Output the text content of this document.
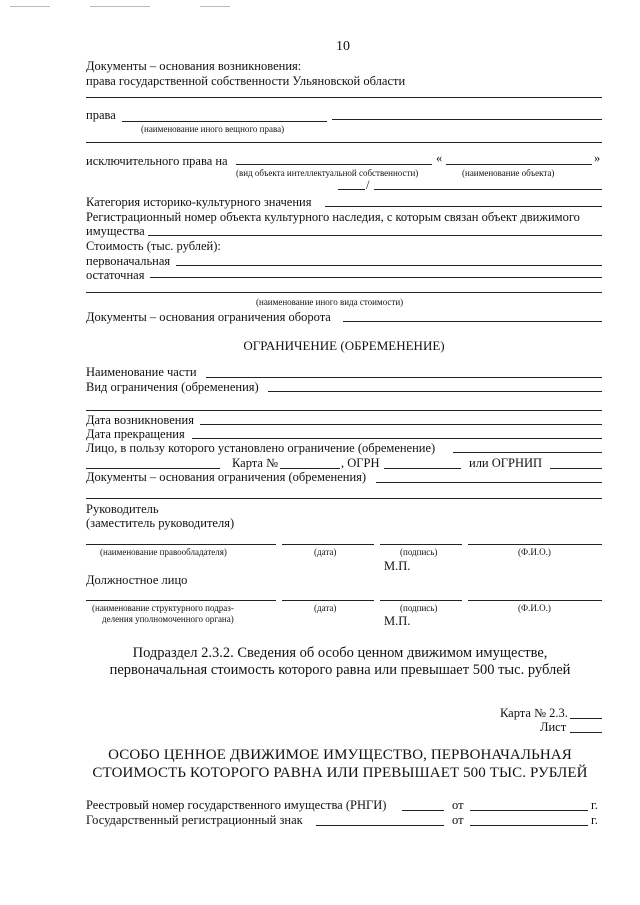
10
Документы – основания возникновения:
права государственной собственности Ульяновской области
права
(наименование иного вещного права)
исключительного права на	«	»
(вид объекта интеллектуальной собственности)	(наименование объекта)
/
Категория историко-культурного значения
Регистрационный номер объекта культурного наследия, с которым связан объект движимого
имущества
Стоимость (тыс. рублей):
первоначальная
остаточная
(наименование иного вида стоимости)
Документы – основания ограничения оборота
ОГРАНИЧЕНИЕ (ОБРЕМЕНЕНИЕ)
Наименование части
Вид ограничения (обременения)
Дата возникновения
Дата прекращения
Лицо, в пользу которого установлено ограничение (обременение)
Карта №	, ОГРН	или ОГРНИП
Документы – основания ограничения (обременения)
Руководитель
(заместитель руководителя)
(наименование правообладателя)	(дата)	(подпись)	(Ф.И.О.)
М.П.
Должностное лицо
(наименование структурного подраз-
деления уполномоченного органа)
(дата)	(подпись)	(Ф.И.О.)
М.П.
Подраздел 2.3.2. Сведения об особо ценном движимом имуществе,
первоначальная стоимость которого равна или превышает 500 тыс. рублей
Карта № 2.3.
Лист
ОСОБО ЦЕННОЕ ДВИЖИМОЕ ИМУЩЕСТВО, ПЕРВОНАЧАЛЬНАЯ
СТОИМОСТЬ КОТОРОГО РАВНА ИЛИ ПРЕВЫШАЕТ 500 ТЫС. РУБЛЕЙ
Реестровый номер государственного имущества (РНГИ)	от	г.
Государственный регистрационный знак	от	г.
